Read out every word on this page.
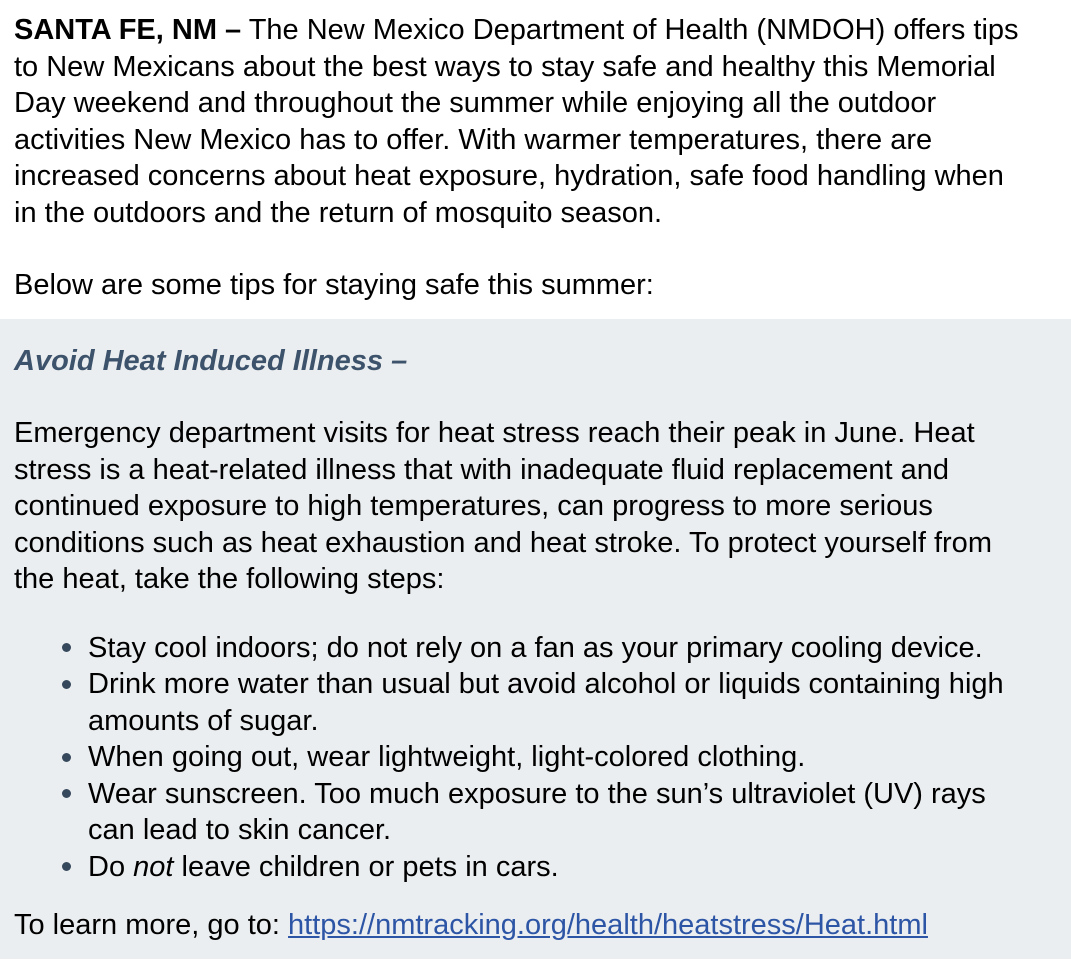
SANTA FE, NM – The New Mexico Department of Health (NMDOH) offers tips to New Mexicans about the best ways to stay safe and healthy this Memorial Day weekend and throughout the summer while enjoying all the outdoor activities New Mexico has to offer. With warmer temperatures, there are increased concerns about heat exposure, hydration, safe food handling when in the outdoors and the return of mosquito season.

Below are some tips for staying safe this summer:

Avoid Heat Induced Illness –

Emergency department visits for heat stress reach their peak in June. Heat stress is a heat-related illness that with inadequate fluid replacement and continued exposure to high temperatures, can progress to more serious conditions such as heat exhaustion and heat stroke. To protect yourself from the heat, take the following steps:

Stay cool indoors; do not rely on a fan as your primary cooling device.
Drink more water than usual but avoid alcohol or liquids containing high amounts of sugar.
When going out, wear lightweight, light-colored clothing.
Wear sunscreen. Too much exposure to the sun’s ultraviolet (UV) rays can lead to skin cancer.
Do not leave children or pets in cars.

To learn more, go to: https://nmtracking.org/health/heatstress/Heat.html
